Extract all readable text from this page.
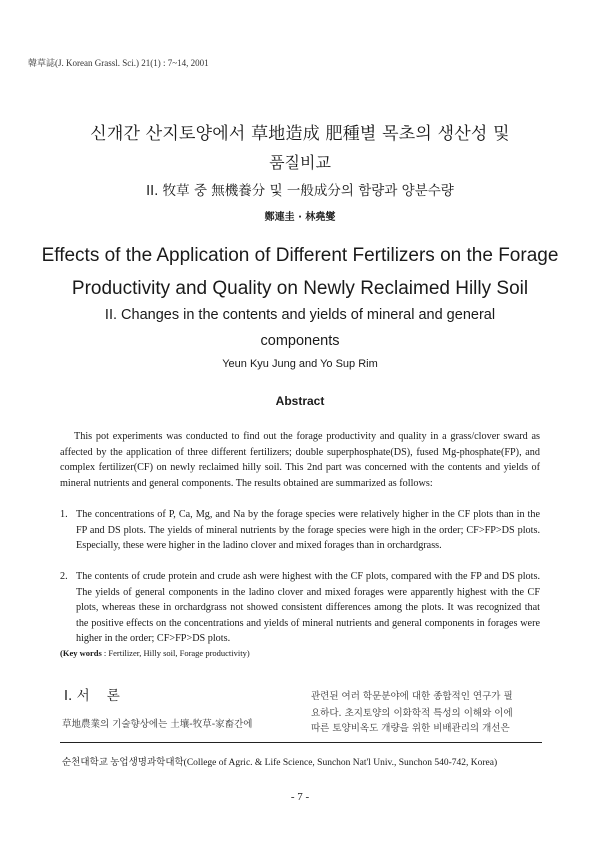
韓草誌(J. Korean Grassl. Sci.) 21(1) : 7~14, 2001
신개간 산지토양에서 草地造成 肥種별 목초의 생산성 및
품질비교
II. 牧草 중 無機養分 및 一般成分의 함량과 양분수량
鄭連圭 · 林堯燮
Effects of the Application of Different Fertilizers on the Forage
Productivity and Quality on Newly Reclaimed Hilly Soil
II. Changes in the contents and yields of mineral and general
components
Yeun Kyu Jung and Yo Sup Rim
Abstract
This pot experiments was conducted to find out the forage productivity and quality in a grass/clover sward as affected by the application of three different fertilizers; double superphosphate(DS), fused Mg-phosphate(FP), and complex fertilizer(CF) on newly reclaimed hilly soil. This 2nd part was concerned with the contents and yields of mineral nutrients and general components. The results obtained are summarized as follows:
1. The concentrations of P, Ca, Mg, and Na by the forage species were relatively higher in the CF plots than in the FP and DS plots. The yields of mineral nutrients by the forage species were high in the order; CF>FP>DS plots. Especially, these were higher in the ladino clover and mixed forages than in orchardgrass.
2. The contents of crude protein and crude ash were highest with the CF plots, compared with the FP and DS plots. The yields of general components in the ladino clover and mixed forages were apparently highest with the CF plots, whereas these in orchardgrass not showed consistent differences among the plots. It was recognized that the positive effects on the concentrations and yields of mineral nutrients and general components in forages were higher in the order; CF>FP>DS plots.
(Key words : Fertilizer, Hilly soil, Forage productivity)
I. 서    론
草地農業의 기술향상에는 土壤-牧草-家畜간에
관련된 여러 학문분야에 대한 종합적인 연구가 필
요하다. 초지토양의 이화학적 특성의 이해와 이에
따른 토양비옥도 개량을 위한 비배관리의 개선은
순천대학교 농업생명과학대학(College of Agric. & Life Science, Sunchon Nat'l Univ., Sunchon 540-742, Korea)
- 7 -
